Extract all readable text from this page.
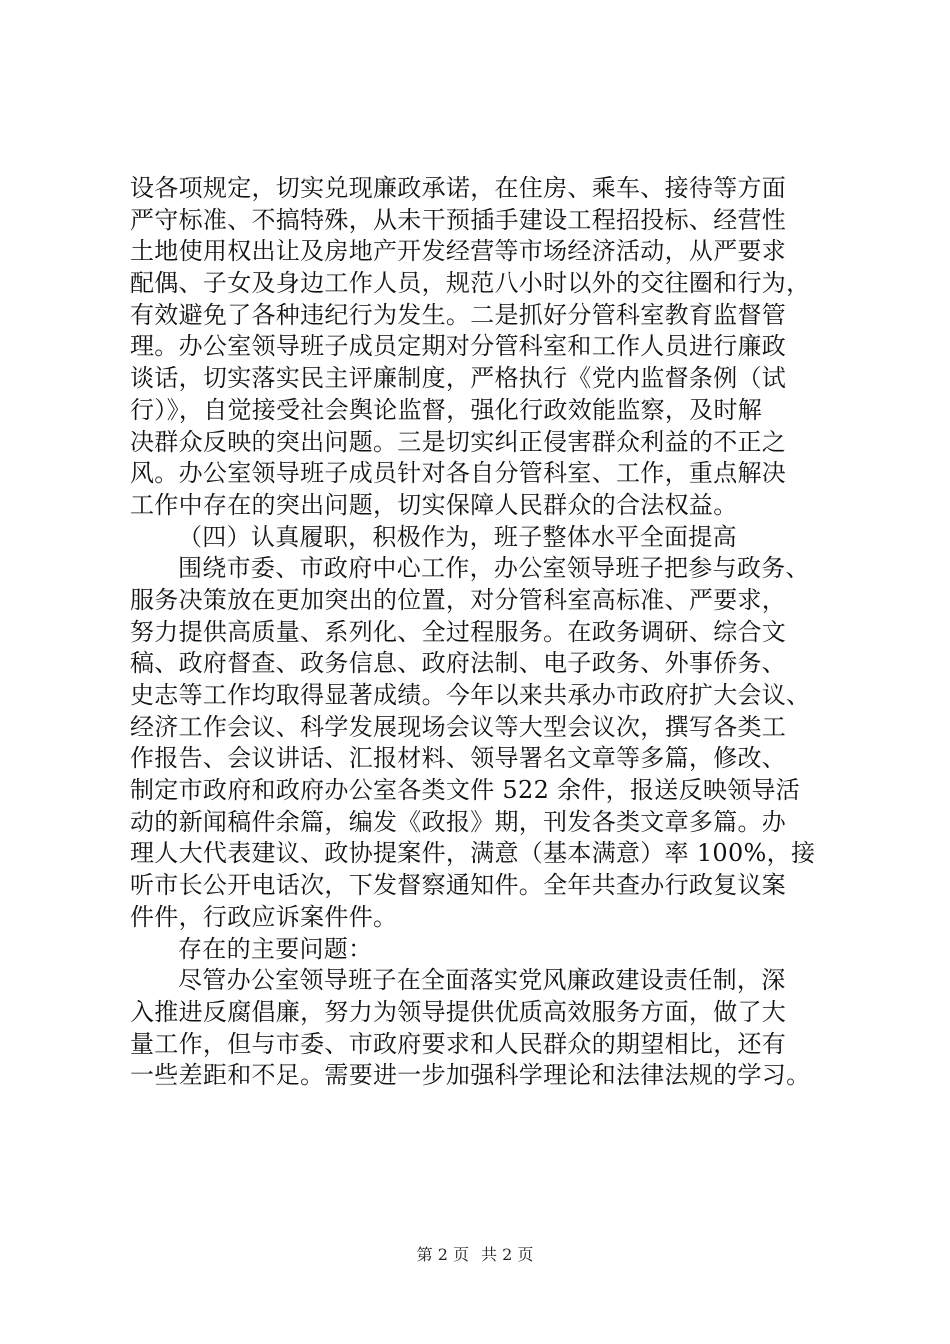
设各项规定，切实兑现廉政承诺，在住房、乘车、接待等方面
严守标准、不搞特殊，从未干预插手建设工程招投标、经营性
土地使用权出让及房地产开发经营等市场经济活动，从严要求
配偶、子女及身边工作人员，规范八小时以外的交往圈和行为，
有效避免了各种违纪行为发生。二是抓好分管科室教育监督管
理。办公室领导班子成员定期对分管科室和工作人员进行廉政
谈话，切实落实民主评廉制度，严格执行《党内监督条例（试
行）》，自觉接受社会舆论监督，强化行政效能监察，及时解
决群众反映的突出问题。三是切实纠正侵害群众利益的不正之
风。办公室领导班子成员针对各自分管科室、工作，重点解决
工作中存在的突出问题，切实保障人民群众的合法权益。
（四）认真履职，积极作为，班子整体水平全面提高
围绕市委、市政府中心工作，办公室领导班子把参与政务、
服务决策放在更加突出的位置，对分管科室高标准、严要求，
努力提供高质量、系列化、全过程服务。在政务调研、综合文
稿、政府督查、政务信息、政府法制、电子政务、外事侨务、
史志等工作均取得显著成绩。今年以来共承办市政府扩大会议、
经济工作会议、科学发展现场会议等大型会议次，撰写各类工
作报告、会议讲话、汇报材料、领导署名文章等多篇，修改、
制定市政府和政府办公室各类文件 522 余件，报送反映领导活
动的新闻稿件余篇，编发《政报》期，刊发各类文章多篇。办
理人大代表建议、政协提案件，满意（基本满意）率 100%，接
听市长公开电话次，下发督察通知件。全年共查办行政复议案
件件，行政应诉案件件。
存在的主要问题：
尽管办公室领导班子在全面落实党风廉政建设责任制，深
入推进反腐倡廉，努力为领导提供优质高效服务方面，做了大
量工作，但与市委、市政府要求和人民群众的期望相比，还有
一些差距和不足。需要进一步加强科学理论和法律法规的学习。
第 2 页 共 2 页
